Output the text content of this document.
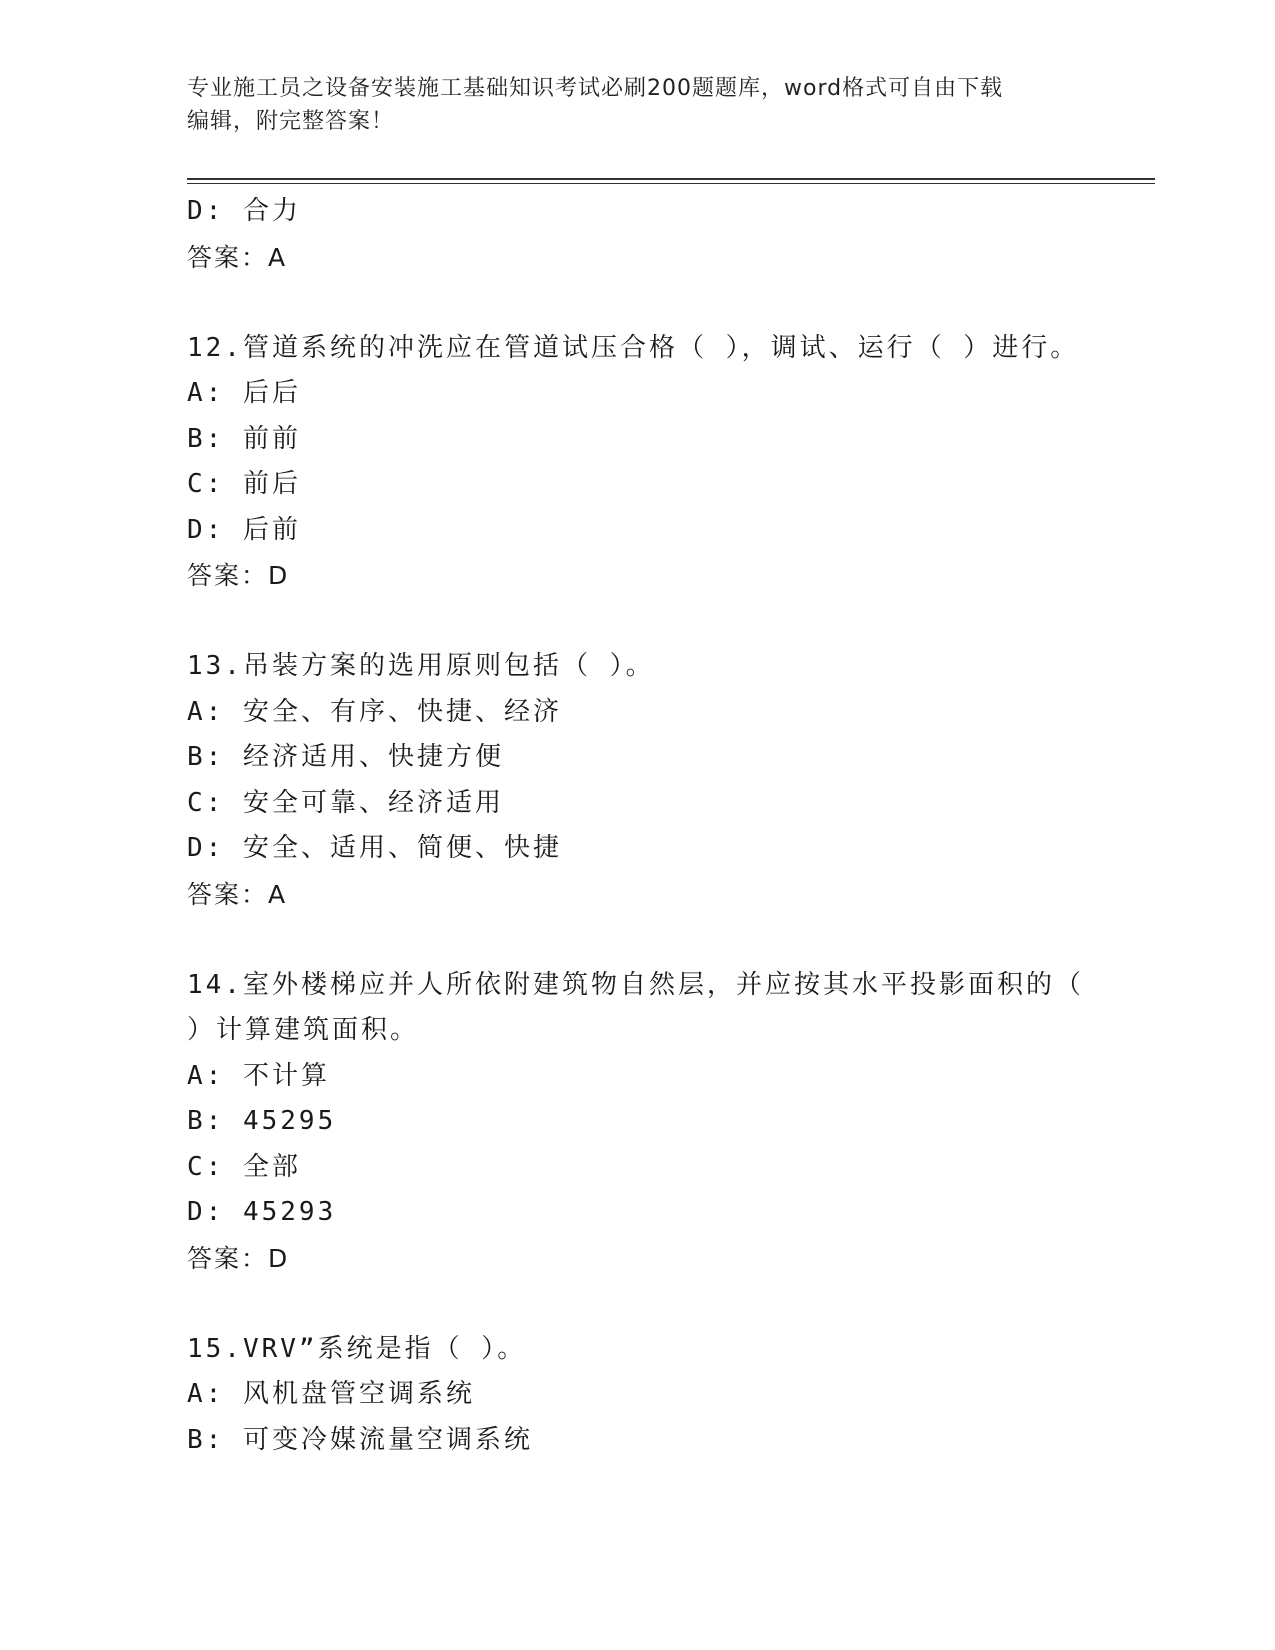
专业施工员之设备安装施工基础知识考试必刷200题题库，word格式可自由下载
编辑，附完整答案！
D: 合力
答案：A
12.管道系统的冲洗应在管道试压合格（ ），调试、运行（ ）进行。
A: 后后
B: 前前
C: 前后
D: 后前
答案：D
13.吊装方案的选用原则包括（ ）。
A: 安全、有序、快捷、经济
B: 经济适用、快捷方便
C: 安全可靠、经济适用
D: 安全、适用、简便、快捷
答案：A
14.室外楼梯应并人所依附建筑物自然层，并应按其水平投影面积的（
）计算建筑面积。
A: 不计算
B: 45295
C: 全部
D: 45293
答案：D
15.VRV”系统是指（ ）。
A: 风机盘管空调系统
B: 可变冷媒流量空调系统
